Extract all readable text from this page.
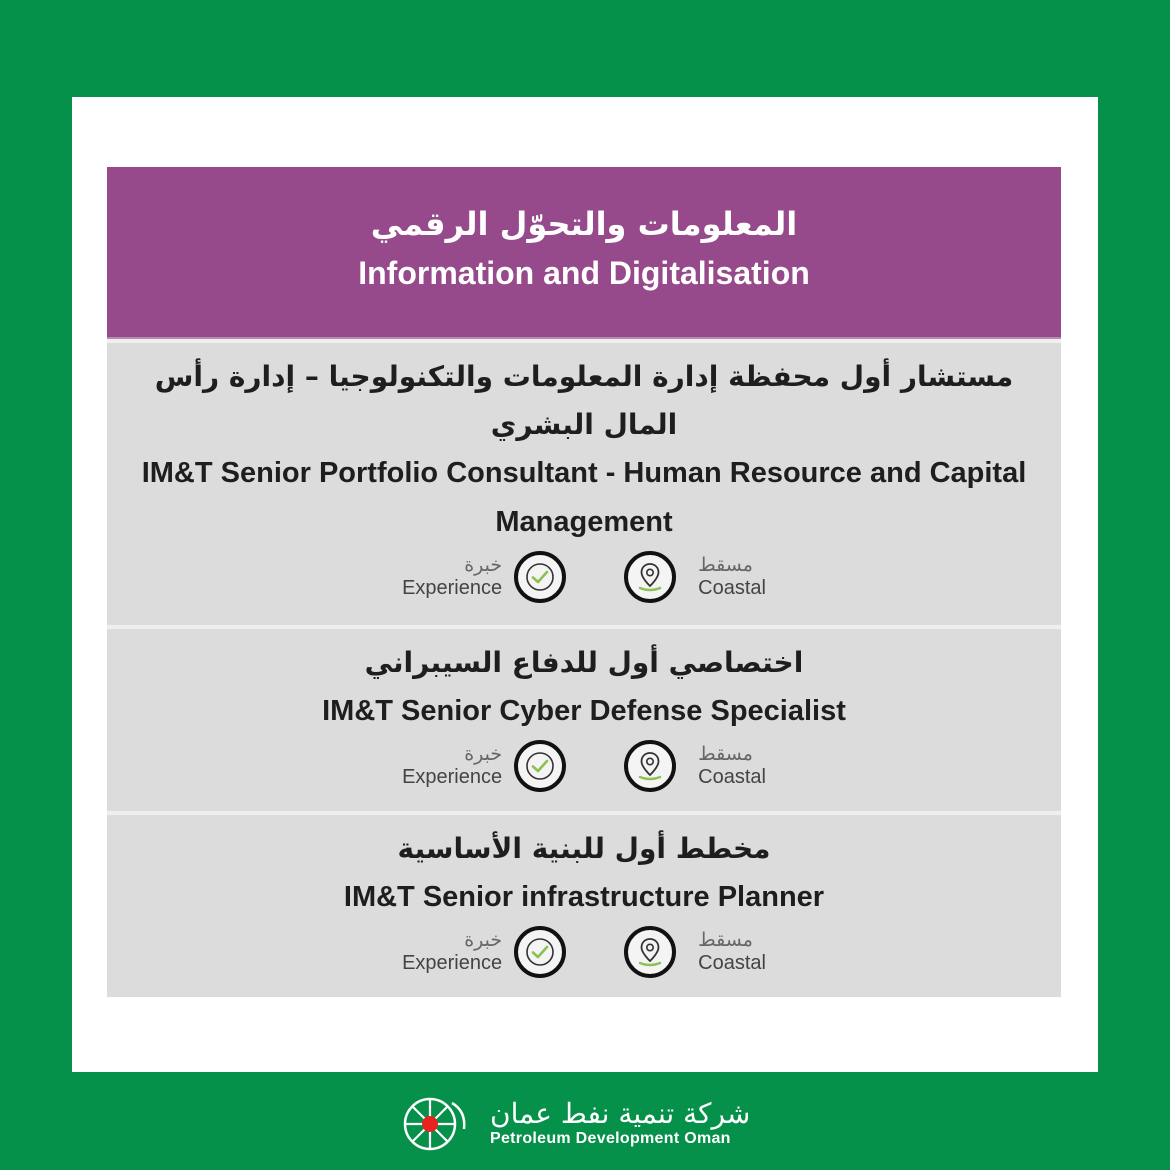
المعلومات والتحوّل الرقمي
Information and Digitalisation
مستشار أول محفظة إدارة المعلومات والتكنولوجيا – إدارة رأس المال البشري
IM&T Senior Portfolio Consultant - Human Resource and Capital Management
خبرة
Experience
مسقط
Coastal
اختصاصي أول للدفاع السيبراني
IM&T Senior Cyber Defense Specialist
خبرة
Experience
مسقط
Coastal
مخطط أول للبنية الأساسية
IM&T Senior infrastructure Planner
خبرة
Experience
مسقط
Coastal
شركة تنمية نفط عمان
Petroleum Development Oman
